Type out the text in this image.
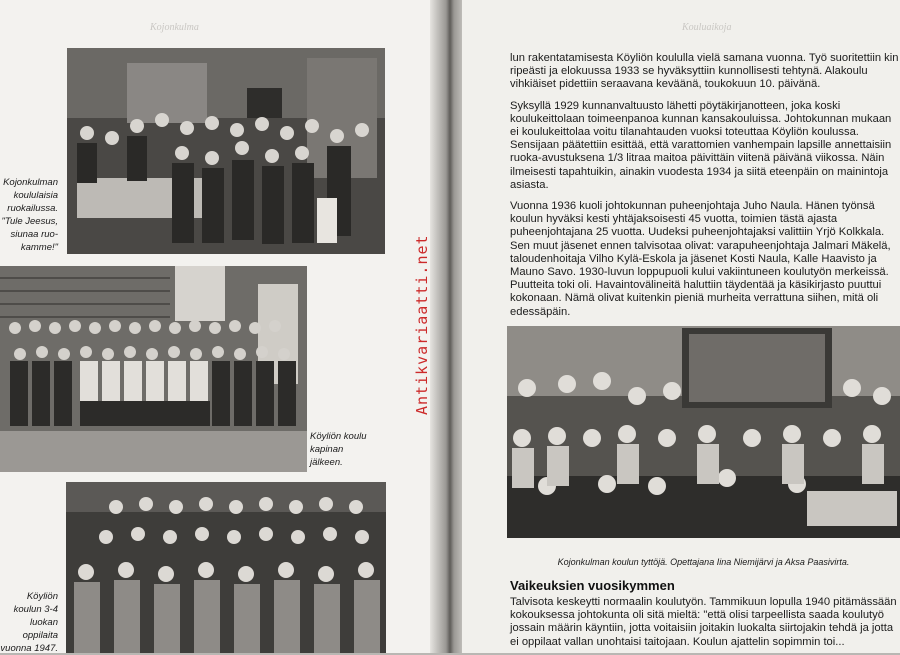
Kojonkulma
Kojonkulman
koululaisia
ruokailussa.
"Tule Jeesus,
siunaa ruo-
kamme!"
Köyliön koulu
kapinan
jälkeen.
Köyliön
koulun 3-4
luokan
oppilaita
vuonna 1947.
Kouluaikoja

lun rakentatamisesta Köyliön koululla vielä samana vuonna. Työ suoritettiin kin ripeästi ja elokuussa 1933 se hyväksyttiin kunnollisesti tehtynä. Alakoulu vihkiäiset pidettiin seraavana keväänä, toukokuun 10. päivänä.

Syksyllä 1929 kunnanvaltuusto lähetti pöytäkirjanotteen, joka koski koulukeittolaan toimeenpanoa kunnan kansakouluissa. Johtokunnan mukaan ei koulukeittolaa voitu tilanahtauden vuoksi toteuttaa Köyliön koulussa. Sensijaan päätettiin esittää, että varattomien vanhempain lapsille annettaisiin ruoka-avustuksena 1/3 litraa maitoa päivittäin viitenä päivänä viikossa. Näin ilmeisesti tapahtuikin, ainakin vuodesta 1934 ja siitä eteenpäin on mainintoja asiasta.

Vuonna 1936 kuoli johtokunnan puheenjohtaja Juho Naula. Hänen työnsä koulun hyväksi kesti yhtäjaksoisesti 45 vuotta, toimien tästä ajasta puheenjohtajana 25 vuotta. Uudeksi puheenjohtajaksi valittiin Yrjö Kolkkala. Sen muut jäsenet ennen talvisotaa olivat: varapuheenjohtaja Jalmari Mäkelä, taloudenhoitaja Vilho Kylä-Eskola ja jäsenet Kosti Naula, Kalle Haavisto ja Mauno Savo. 1930-luvun loppupuoli kului vakiintuneen koulutyön merkeissä. Puutteita toki oli. Havaintovälineitä haluttiin täydentää ja käsikirjasto puuttui kokonaan. Nämä olivat kuitenkin pieniä murheita verrattuna siihen, mitä oli edessäpäin.

Kojonkulman koulun tyttöjä. Opettajana Iina Niemijärvi ja Aksa Paasivirta.
Vaikeuksien vuosikymmen

Talvisota keskeytti normaalin koulutyön. Tammikuun lopulla 1940 pitämässään kokouksessa johtokunta oli sitä mieltä: "että olisi tarpeellista saada koulutyö jossain määrin käyntiin, jotta voitaisiin joitakin luokalta siirtojakin tehdä ja jotta ei oppilaat vallan unohtaisi taitojaan. Koulun ajattelin sopimmin toi...

Antikvariaatti.net
